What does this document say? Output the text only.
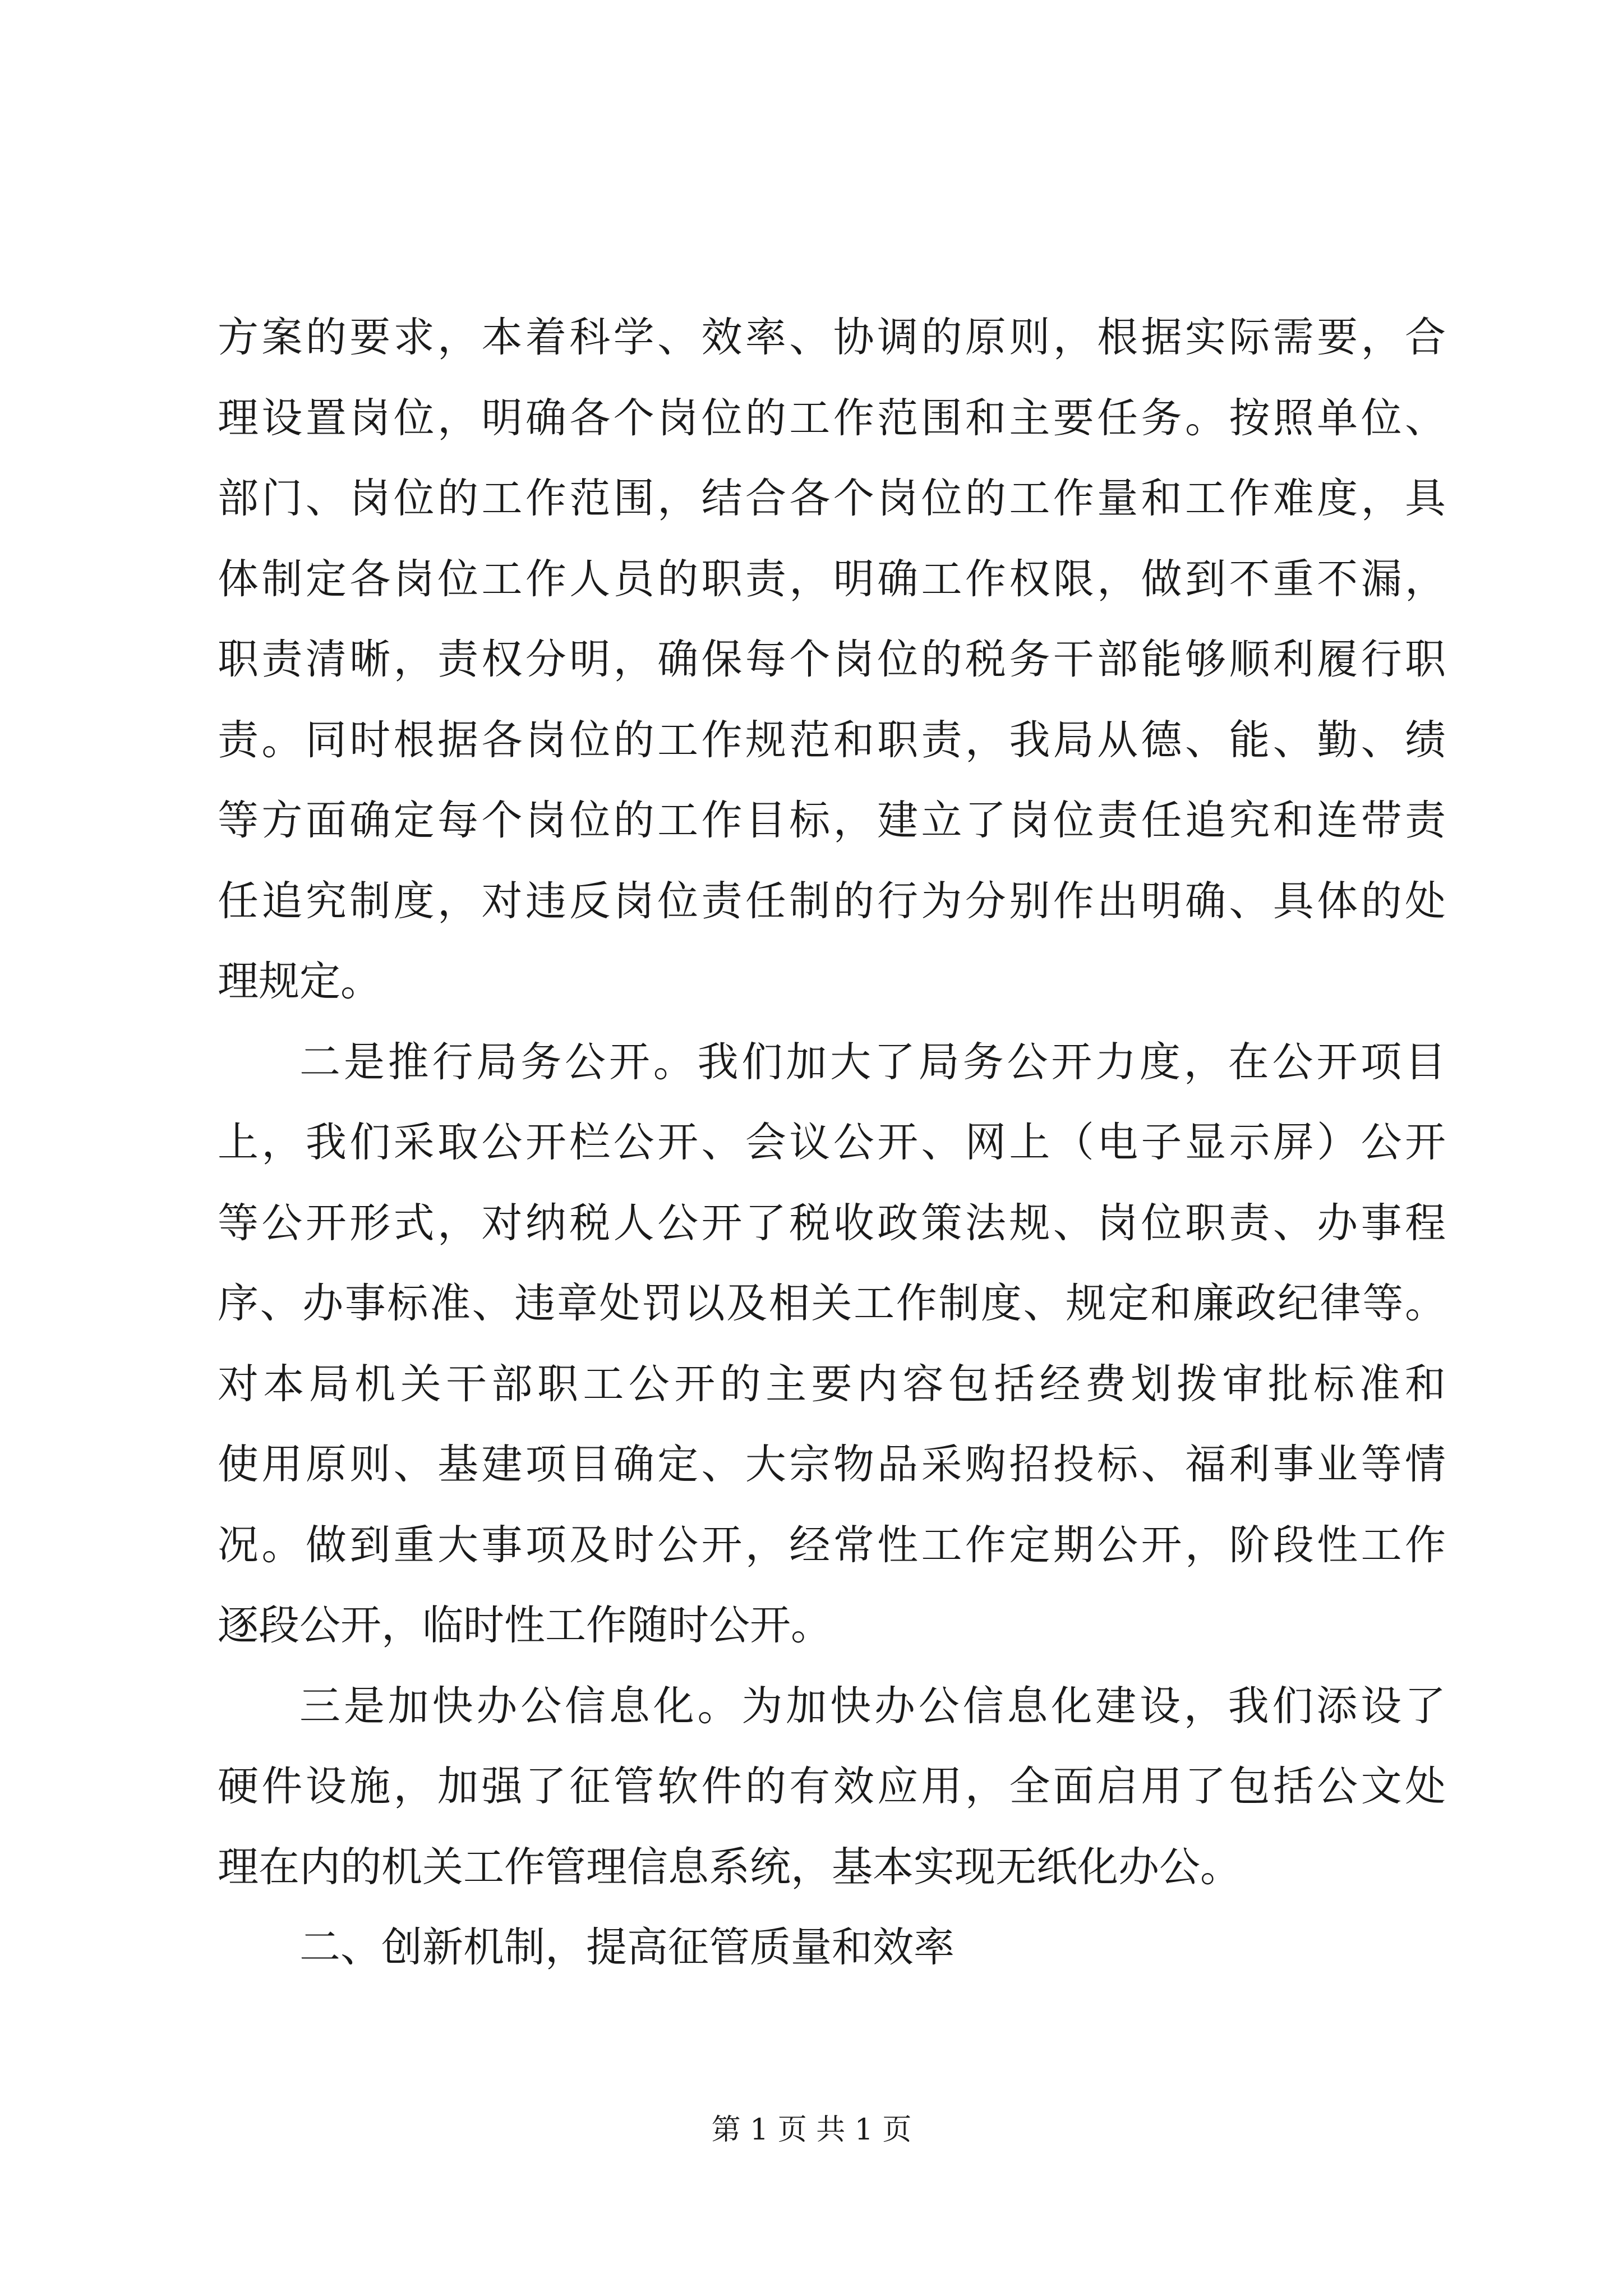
方案的要求，本着科学、效率、协调的原则，根据实际需要，合
理设置岗位，明确各个岗位的工作范围和主要任务。按照单位、
部门、岗位的工作范围，结合各个岗位的工作量和工作难度，具
体制定各岗位工作人员的职责，明确工作权限，做到不重不漏，
职责清晰，责权分明，确保每个岗位的税务干部能够顺利履行职
责。同时根据各岗位的工作规范和职责，我局从德、能、勤、绩
等方面确定每个岗位的工作目标，建立了岗位责任追究和连带责
任追究制度，对违反岗位责任制的行为分别作出明确、具体的处
理规定。
二是推行局务公开。我们加大了局务公开力度，在公开项目
上，我们采取公开栏公开、会议公开、网上（电子显示屏）公开
等公开形式，对纳税人公开了税收政策法规、岗位职责、办事程
序、办事标准、违章处罚以及相关工作制度、规定和廉政纪律等。
对本局机关干部职工公开的主要内容包括经费划拨审批标准和
使用原则、基建项目确定、大宗物品采购招投标、福利事业等情
况。做到重大事项及时公开，经常性工作定期公开，阶段性工作
逐段公开，临时性工作随时公开。
三是加快办公信息化。为加快办公信息化建设，我们添设了
硬件设施，加强了征管软件的有效应用，全面启用了包括公文处
理在内的机关工作管理信息系统，基本实现无纸化办公。
二、创新机制，提高征管质量和效率
第 1 页 共 1 页
